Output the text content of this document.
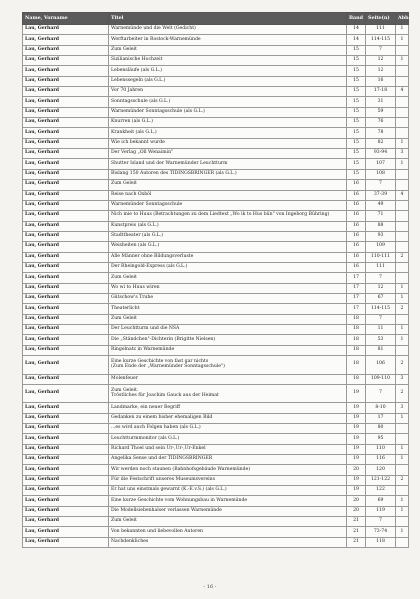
Name, Vorname	Titel	Band	Seite(n)	Abb.
Lau, Gerhard	Warnemünde und die Welt (Gedicht)	14	111	1
Lau, Gerhard	Werftarbeiter in Rostock-Warnemünde	14	114-115	1
Lau, Gerhard	Zum Geleit	15	7	
Lau, Gerhard	Sizilianische Hochzeit	15	12	1
Lau, Gerhard	Lebensläufe (als G.L.)	15	12	
Lau, Gerhard	Lebenssegeln (als G.L.)	15	16	
Lau, Gerhard	Vor 70 Jahren	15	17-18	4
Lau, Gerhard	Sonntagsschule (als G.L.)	15	31	
Lau, Gerhard	Warnemünder Sonntagsschule (als G.L.)	15	59	
Lau, Gerhard	Knurren (als G.L.)	15	76	
Lau, Gerhard	Krankheit (als G.L.)	15	78	
Lau, Gerhard	Wie ich bekannt wurde	15	82	1
Lau, Gerhard	Der Verlag „Oll Wenaimin"	15	93-94	3
Lau, Gerhard	Shutter Island und der Warnemünder Leuchtturm	15	107	1
Lau, Gerhard	Bislang 150 Autoren des TIDINGSBRINGER (als G.L.)	15	108	
Lau, Gerhard	Zum Geleit	16	7	
Lau, Gerhard	Reise nach Oxböl	16	37-39	4
Lau, Gerhard	Warnemünder Sonntagsschule	16	49	
Lau, Gerhard	Nich mie to Huus (Betrachtungen zu dem Liedtext „Wo ik to Hus bün" von Ingeborg Bühring)	16	71	
Lau, Gerhard	Kunstpreis (als G.L.)	16	88	
Lau, Gerhard	Stadttheater (als G.L.)	16	93	
Lau, Gerhard	Weisheiten (als G.L.)	16	109	
Lau, Gerhard	Alle Männer ohne Bildungsverluste	16	110-111	2
Lau, Gerhard	Der Rheingold-Express (als G.L.)	16	111	
Lau, Gerhard	Zum Geleit	17	7	
Lau, Gerhard	Wo wi to Huus wiren	17	12	1
Lau, Gerhard	Gütschow's Truhe	17	67	1
Lau, Gerhard	Theaterlicht	17	114-115	2
Lau, Gerhard	Zum Geleit	18	7	
Lau, Gerhard	Der Leuchtturm und die NSA	18	11	1
Lau, Gerhard	Die „Ständchen"-Dichterin (Brigitte Nielsen)	18	53	1
Lau, Gerhard	Ringelnatz in Warnemünde	18	81	
Lau, Gerhard	Eine kurze Geschichte von fast gar nichts
(Zum Ende der „Warnemünder Sonntagsschule")	18	106	2
Lau, Gerhard	Molenfeuer	18	109-110	3
Lau, Gerhard	Zum Geleit.
Tröstliches für Joachim Gauck aus der Heimat	19	7	2
Lau, Gerhard	Landmarke, ein neuer Begriff	19	8-10	3
Lau, Gerhard	Gedanken zu einem bisher ehemaligen Bild	19	17	1
Lau, Gerhard	...es wird auch Folgen haben (als G.L.)	19	80	
Lau, Gerhard	Leuchtturmmonitor (als G.L.)	19	95	
Lau, Gerhard	Richard Thoel und sein Ur-,Ur-,Ur-Enkel	19	110	1
Lau, Gerhard	Angelika Sense und der TIDINGSBRINGER	19	116	1
Lau, Gerhard	Wir werden noch staunen (Bahnhofsgebäude Warnemünde)	20	120	
Lau, Gerhard	Für die Festschrift unseres Museumsvereins	19	121-122	2
Lau, Gerhard	Er hat uns einstmals gewarnt (K.-E.v.S.) (als G.L.)	19	122	
Lau, Gerhard	Eine kurze Geschichte vom Wohnungsbau in Warnemünde	20	69	1
Lau, Gerhard	Die Modellsiebenhalser verlassen Warnemünde	20	119	1
Lau, Gerhard	Zum Geleit	21	7	
Lau, Gerhard	Von bekannten und liebevollen Autoren	21	73-74	1
Lau, Gerhard	Nachdenkliches	21	118	
- 16 -
